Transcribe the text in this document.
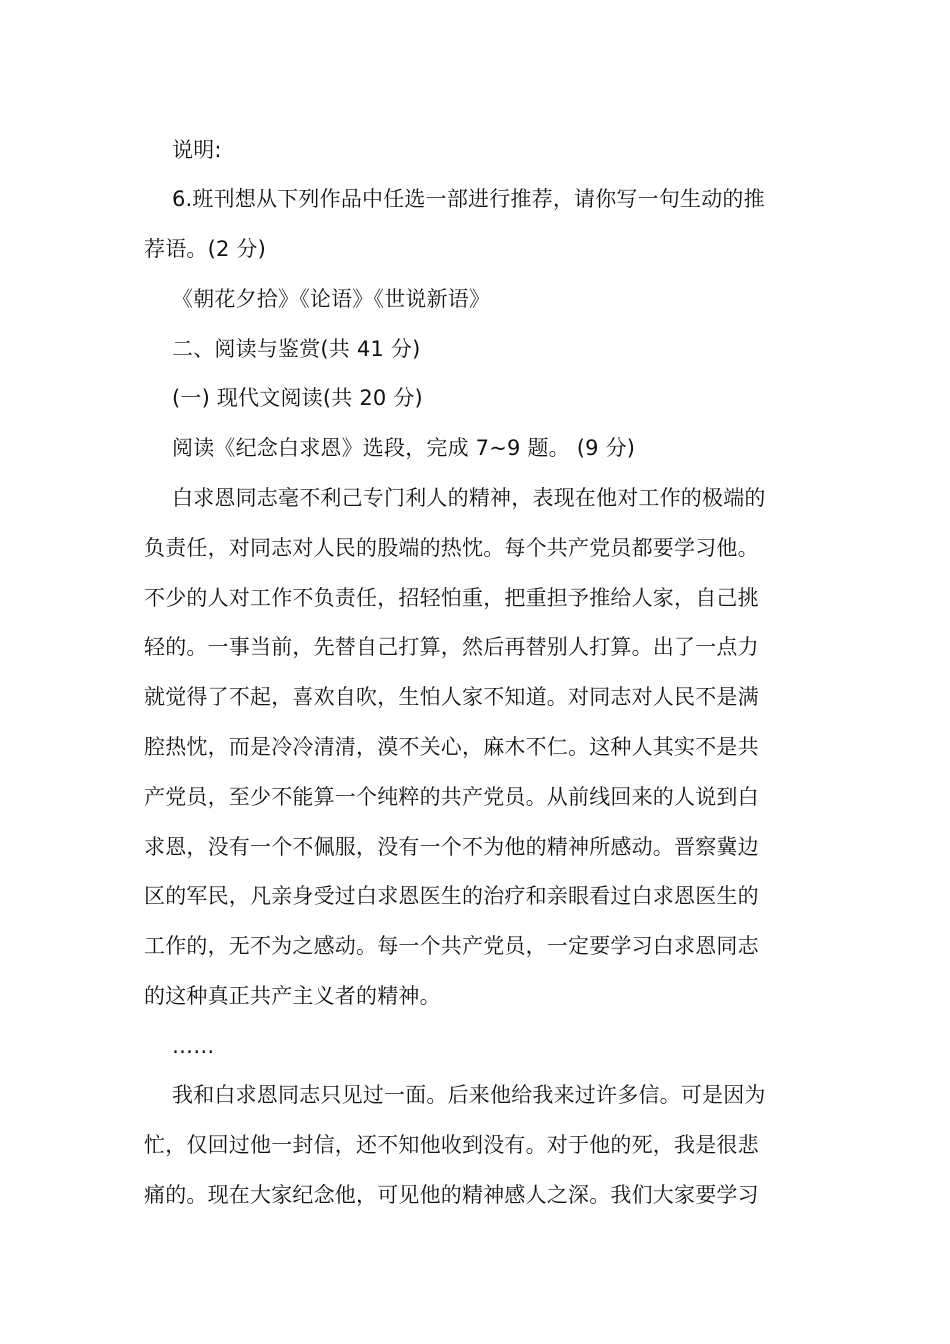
说明:
6.班刊想从下列作品中任选一部进行推荐，请你写一句生动的推
荐语。(2 分)
《朝花夕拾》《论语》《世说新语》
二、阅读与鉴赏(共 41 分)
(一) 现代文阅读(共 20 分)
阅读《纪念白求恩》选段，完成 7~9 题。 (9 分)
白求恩同志毫不利己专门利人的精神，表现在他对工作的极端的
负责任，对同志对人民的股端的热忱。每个共产党员都要学习他。
不少的人对工作不负责任，招轻怕重，把重担予推给人家，自己挑
轻的。一事当前，先替自己打算，然后再替别人打算。出了一点力
就觉得了不起，喜欢自吹，生怕人家不知道。对同志对人民不是满
腔热忱，而是冷冷清清，漠不关心，麻木不仁。这种人其实不是共
产党员，至少不能算一个纯粹的共产党员。从前线回来的人说到白
求恩，没有一个不佩服，没有一个不为他的精神所感动。晋察冀边
区的军民，凡亲身受过白求恩医生的治疗和亲眼看过白求恩医生的
工作的，无不为之感动。每一个共产党员，一定要学习白求恩同志
的这种真正共产主义者的精神。
……
我和白求恩同志只见过一面。后来他给我来过许多信。可是因为
忙，仅回过他一封信，还不知他收到没有。对于他的死，我是很悲
痛的。现在大家纪念他，可见他的精神感人之深。我们大家要学习
